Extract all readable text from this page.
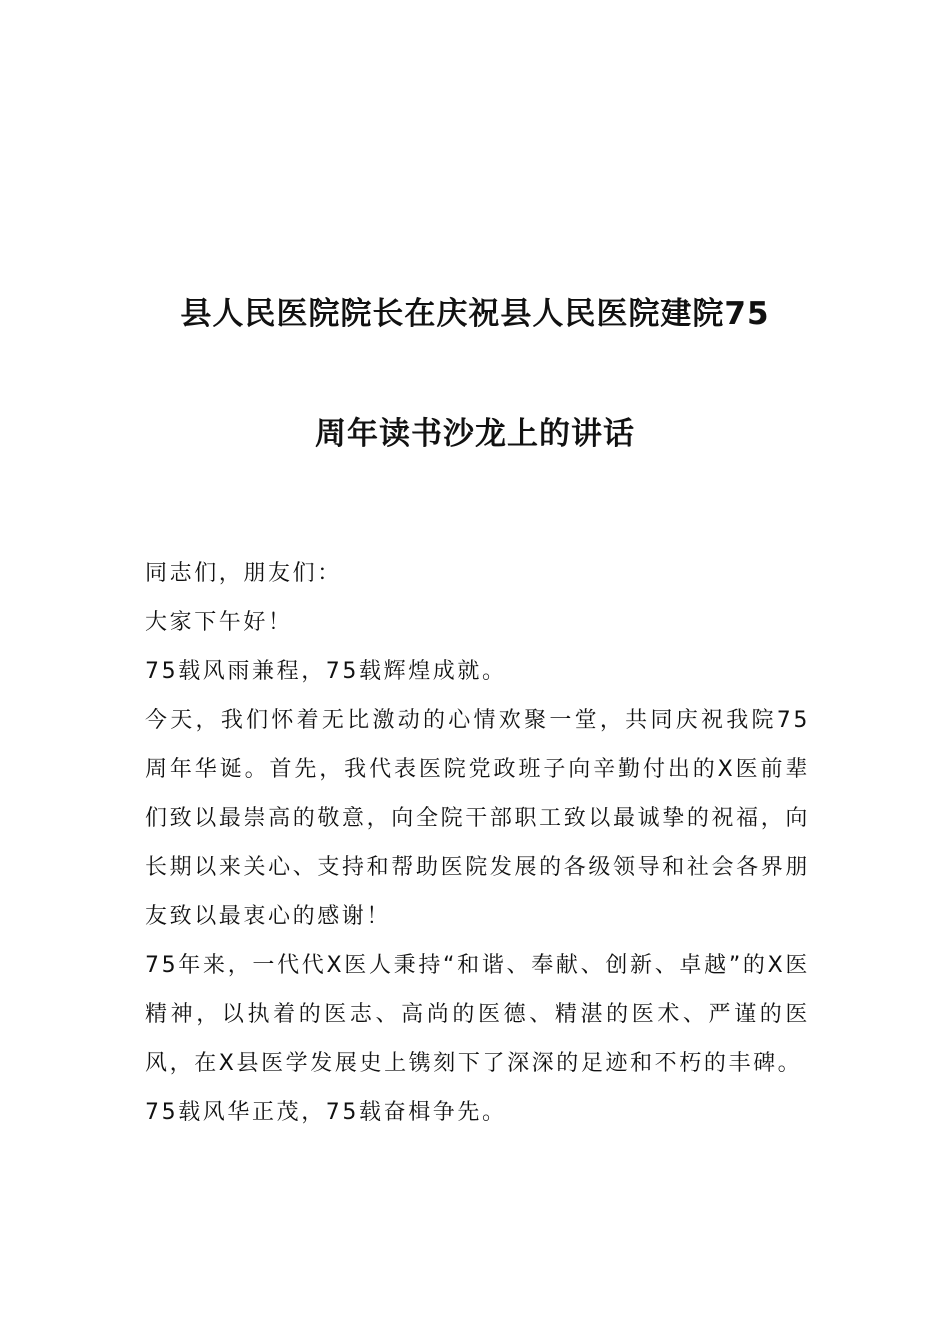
县人民医院院长在庆祝县人民医院建院75
周年读书沙龙上的讲话

同志们，朋友们：

大家下午好！

75载风雨兼程，75载辉煌成就。

今天，我们怀着无比激动的心情欢聚一堂，共同庆祝我院75周年华诞。首先，我代表医院党政班子向辛勤付出的X医前辈们致以最崇高的敬意，向全院干部职工致以最诚挚的祝福，向长期以来关心、支持和帮助医院发展的各级领导和社会各界朋友致以最衷心的感谢！

75年来，一代代X医人秉持“和谐、奉献、创新、卓越”的X医精神，以执着的医志、高尚的医德、精湛的医术、严谨的医风，在X县医学发展史上镌刻下了深深的足迹和不朽的丰碑。

75载风华正茂，75载奋楫争先。
